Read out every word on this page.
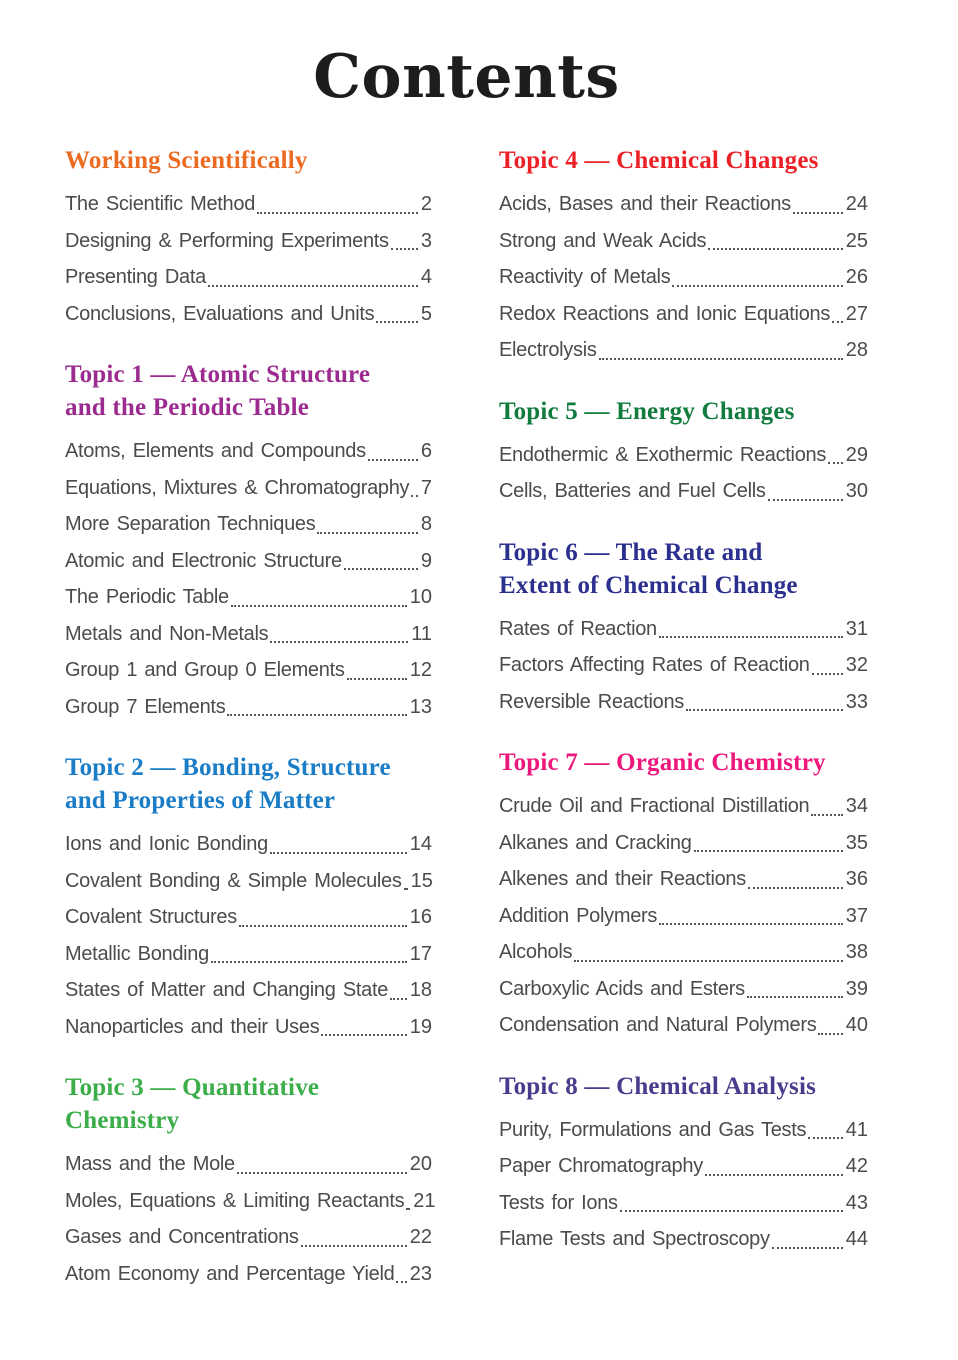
Contents
Working Scientifically
The Scientific Method	2
Designing & Performing Experiments 3
Presenting Data	4
Conclusions, Evaluations and Units 5
Topic 1 — Atomic Structure
and the Periodic Table
Atoms, Elements and Compounds	6
Equations, Mixtures & Chromatography 7
More Separation Techniques	8
Atomic and Electronic Structure	9
The Periodic Table	10
Metals and Non-Metals	11
Group 1 and Group 0 Elements	12
Group 7 Elements	13
Topic 2 — Bonding, Structure
and Properties of Matter
Ions and Ionic Bonding	14
Covalent Bonding & Simple Molecules 15
Covalent Structures	16
Metallic Bonding	17
States of Matter and Changing State 18
Nanoparticles and their Uses	19
Topic 3 — Quantitative
Chemistry
Mass and the Mole	20
Moles, Equations & Limiting Reactants 21
Gases and Concentrations	22
Atom Economy and Percentage Yield 23
Topic 4 — Chemical Changes
Acids, Bases and their Reactions	24
Strong and Weak Acids	25
Reactivity of Metals	26
Redox Reactions and Ionic Equations 27
Electrolysis	28
Topic 5 — Energy Changes
Endothermic & Exothermic Reactions 29
Cells, Batteries and Fuel Cells	30
Topic 6 — The Rate and
Extent of Chemical Change
Rates of Reaction	31
Factors Affecting Rates of Reaction 32
Reversible Reactions	33
Topic 7 — Organic Chemistry
Crude Oil and Fractional Distillation 34
Alkanes and Cracking	35
Alkenes and their Reactions	36
Addition Polymers	37
Alcohols	38
Carboxylic Acids and Esters	39
Condensation and Natural Polymers 40
Topic 8 — Chemical Analysis
Purity, Formulations and Gas Tests 41
Paper Chromatography	42
Tests for Ions	43
Flame Tests and Spectroscopy	44
